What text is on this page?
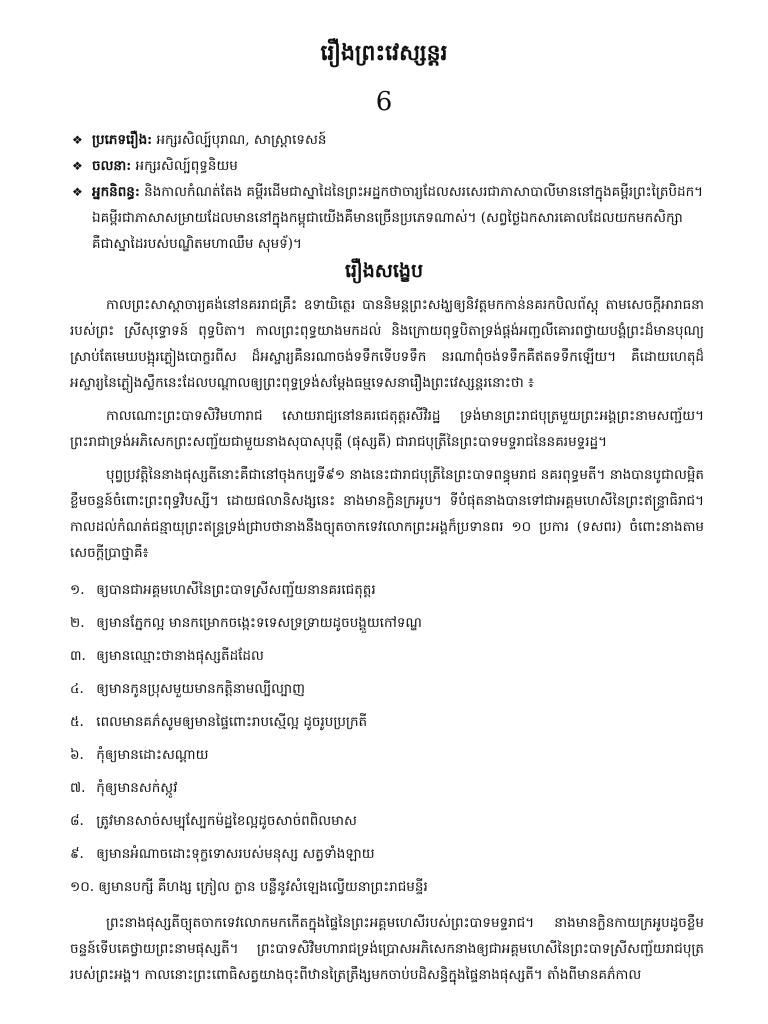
រឿងព្រះវេស្សន្តរ
6
❖ ប្រភេទរឿង: អក្សរសិល្ប៍បុរាណ, សាស្ត្រាទេសន៍
❖ ចលនា: អក្សរសិល្ប៍ពុទ្ធនិយម
❖ អ្នកនិពន្ធ: និងកាលកំណត់តែង គម្ពីរដើមជាស្នាដៃនៃព្រះអដ្ឋកថាចារ្យដែលសរសេរជាភាសាបាលីមាននៅក្នុងគម្ពីរព្រះត្រៃបិដក។ ឯគម្ពីរជាភាសាសម្រាយដែលមាននៅក្នុងកម្ពុជាយើងគឺមានច្រើនប្រភេទណាស់។ (សព្វថ្ងៃឯកសារគោលដែលយកមកសិក្សាគឺជាស្នាដៃរបស់បណ្ឌិតមហាឈឹម សុមទ័)។
រឿងសង្ខេប

កាលព្រះសាស្ដាចារ្យគង់នៅនគររាជគ្រឹះ ឧទាយិត្ថេរ បាននិមន្តព្រះសង្ឃឲ្យនិវត្តមកកាន់នគរកបិលព័ស្ដុ តាមសេចក្ដីអារាធនារបស់ព្រះ ស្រីសុទ្ធោទន៍ ពុទ្ធបិតា។ កាលព្រះពុទ្ធយាងមកដល់ និងក្រោយពុទ្ធបិតាទ្រង់ផ្តង់អញ្ជលីគោរពថ្វាយបង្គំព្រះដ៏មានបុណ្យស្រាប់តែមេឃបង្អុរភ្លៀងបោក្ខរពីស ដ៏អស្ចារ្យគឺនរណាចង់ទទឹកទើបទទឹក នរណាពុំចង់ទទឹកគឺឥតទទឹកឡើយ។ គឺដោយហេតុដ៏អស្ចារ្យនៃភ្លៀងស្លឹកនេះដែលបណ្ដាលឲ្យព្រះពុទ្ធទ្រង់សម្ដែងធម្មទេសនារឿងព្រះវេស្សន្តរនោះថា ៖

កាលណោះព្រះបាទសិវិមហារាជ សោយរាជ្យនៅនគរជេតុត្តរសីវិរដ្ឋ ទ្រង់មានព្រះរាជបុត្រមួយព្រះអង្គព្រះនាមសញ្ជ័យ។ ព្រះរាជាទ្រង់អភិសេកព្រះសញ្ជ័យជាមួយនាងសុបាសុបុត្តី (ផុស្សតី) ជារាជបុត្រីនៃព្រះបាទមទ្ទរាជនៃនគរមទ្ទរដ្ឋ។

បុព្វប្រវត្តិនៃនាងផុស្សតីនោះគឺជានៅចុងកប្បទី៩១ នាងនេះជារាជបុត្រីនៃព្រះបាទពន្ធុមរាជ នគរពុទ្ធមតី។ នាងបានបូជាលម្អិតខ្លឹមចន្ទន៍ចំពោះព្រះពុទ្ធវិបស្សី។ ដោយផលានិសង្សនេះ នាងមានក្លិនក្រអូប។ ទីបំផុតនាងបានទៅជាអគ្គមហេសីនៃព្រះឥន្ទ្រាធិរាជ។ កាលដល់កំណត់ជន្មាយុព្រះឥន្ទ្រទ្រង់ជ្រាបថានាងនឹងច្យុតចាកទេវលោកព្រះអង្គក៏ប្រទានពរ ១០ ប្រការ (ទសពរ) ចំពោះនាងតាមសេចក្ដីប្រាថ្នាគឺ៖

១. ឲ្យបានជាអគ្គមហេសីនៃព្រះបាទស្រីសញ្ជ័យនានគរជេតុត្តរ
២. ឲ្យមានភ្នែកល្អ មានកម្រោកចង្កេះទទេសទ្រទ្រាយដូចបង្គួយកៅទណ្ឌ
៣. ឲ្យមានឈ្មោះថានាងផុស្សតីដដែល
៤. ឲ្យមានកូនប្រុសមួយមានកត្តិនាមល្បីល្បាញ
៥. ពេលមានគភ៌សូមឲ្យមានផ្ទៃពោះរាបស្មើល្អ ដូចរូបប្រក្រតី
៦. កុំឲ្យមានដោះសណ្ដាយ
៧. កុំឲ្យមានសក់ស្កូវ
៨. ត្រូវមានសាច់សម្បុស្បែកម៉ដ្ឋខៃល្អដូចសាច់ពពិលមាស
៩. ឲ្យមានអំណាចដោះទុក្ខទោសរបស់មនុស្ស សត្វទាំងឡាយ
១០. ឲ្យមានបក្សី គឺហង្ស ក្រៀល ក្ងាន បន្លឺនូវសំឡេងល្វើយនាព្រះរាជមន្ទីរ

ព្រះនាងផុស្សតីច្យុតចាកទេវលោកមកកើតក្នុងផ្ទៃនៃព្រះអគ្គមហេសីរបស់ព្រះបាទមទ្ទរាជ។ នាងមានក្លិនកាយក្រអូបដូចខ្លឹមចន្ទន៍ទើបគេថ្វាយព្រះនាមផុស្សតី។ ព្រះបាទសិវិមហារាជទ្រង់ប្រោសអភិសេកនាងឲ្យជាអគ្គមហេសីនៃព្រះបាទស្រីសញ្ជ័យរាជបុត្រ របស់ព្រះអង្គ។ កាលនោះព្រះពោធិសត្វយាងចុះពីឋានត្រៃត្រឹង្សមកចាប់បដិសន្ធិក្នុងផ្ទៃនាងផុស្សតី។ តាំងពីមានគភ៌កាល
